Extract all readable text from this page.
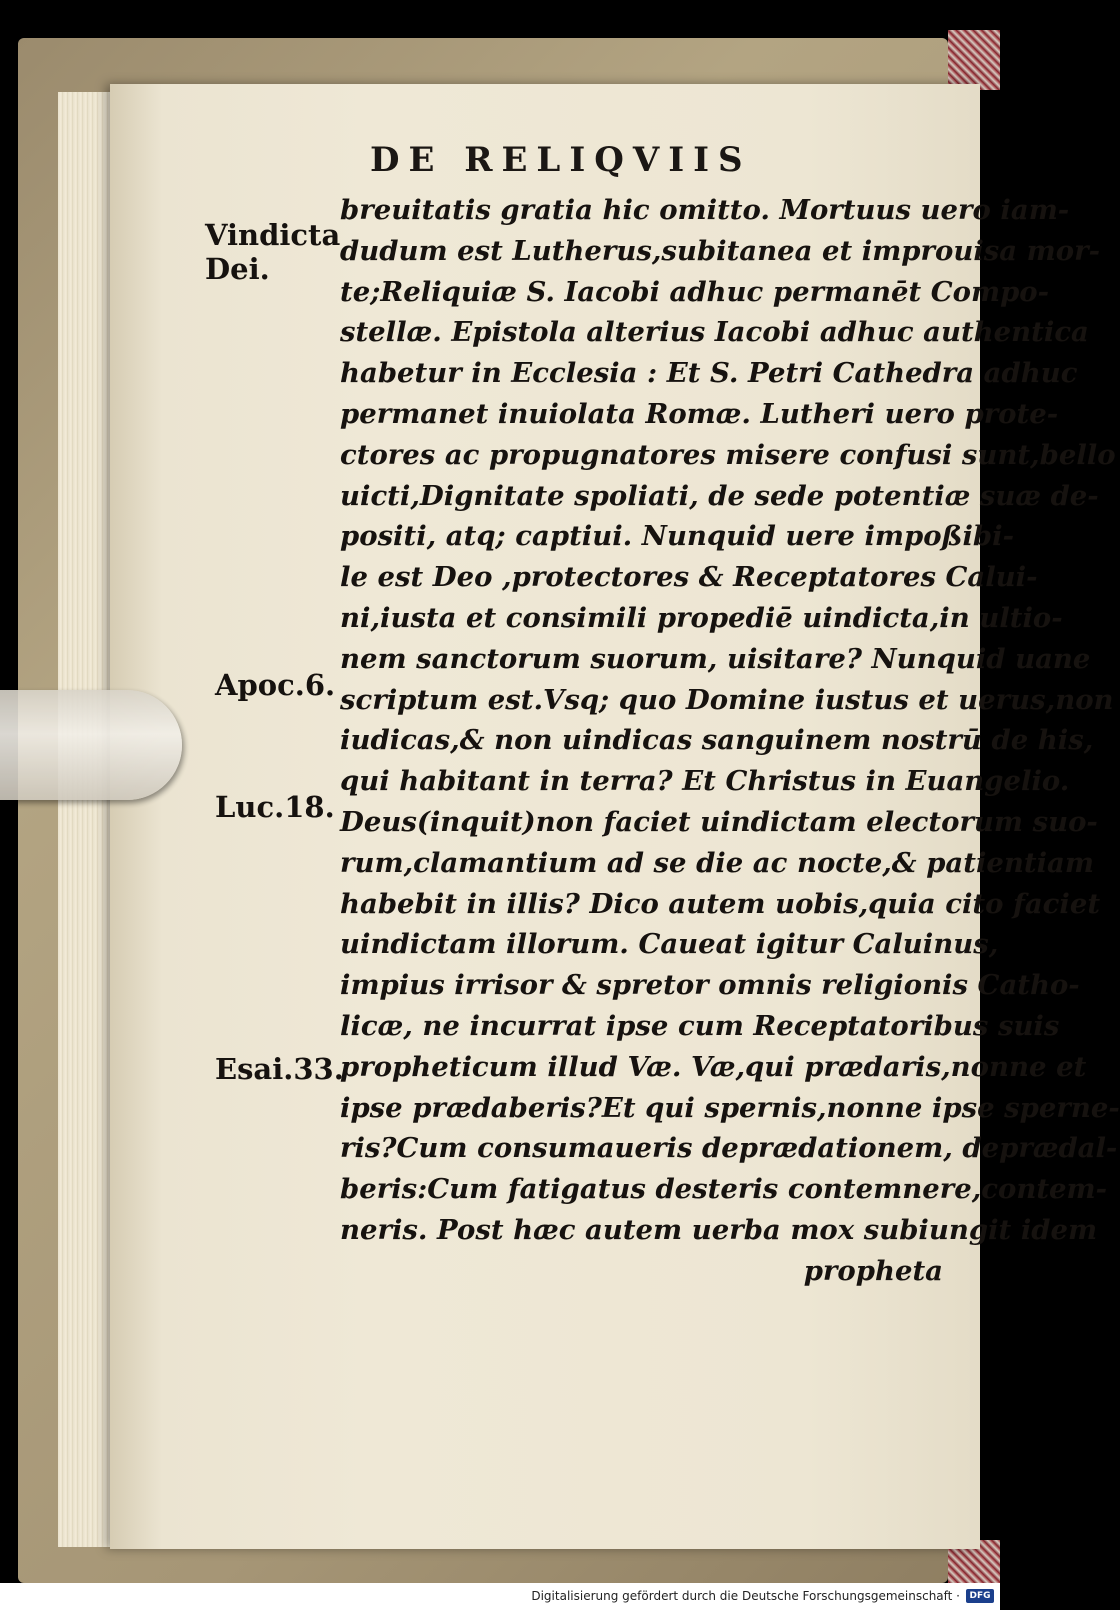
DE RELIQVIIS
Vindicta
Dei.
Apoc.6.
Luc.18.
Esai.33.
breuitatis gratia hic omitto. Mortuus uero iam-
dudum est Lutherus,subitanea et improuisa mor-
te;Reliquiæ S. Iacobi adhuc permanēt Compo-
stellæ. Epistola alterius Iacobi adhuc authentica
habetur in Ecclesia : Et S. Petri Cathedra adhuc
permanet inuiolata Romæ. Lutheri uero prote-
ctores ac propugnatores misere confusi sunt,bello
uicti,Dignitate spoliati, de sede potentiæ suæ de-
positi, atq; captiui. Nunquid uere impoßibi-
le est Deo ,protectores & Receptatores Calui-
ni,iusta et consimili propediē uindicta,in ultio-
nem sanctorum suorum, uisitare? Nunquid uane
scriptum est.Vsq; quo Domine iustus et uerus,non
iudicas,& non uindicas sanguinem nostrū de his,
qui habitant in terra? Et Christus in Euangelio.
Deus(inquit)non faciet uindictam electorum suo-
rum,clamantium ad se die ac nocte,& patientiam
habebit in illis? Dico autem uobis,quia cito faciet
uindictam illorum. Caueat igitur Caluinus,
impius irrisor & spretor omnis religionis Catho-
licæ, ne incurrat ipse cum Receptatoribus suis
propheticum illud Væ. Væ,qui prædaris,nonne et
ipse prædaberis?Et qui spernis,nonne ipse sperne-
ris?Cum consumaueris deprædationem, deprædal-
beris:Cum fatigatus desteris contemnere,contem-
neris. Post hæc autem uerba mox subiungit idem
propheta
Digitalisierung gefördert durch die Deutsche Forschungsgemeinschaft ·	DFG
